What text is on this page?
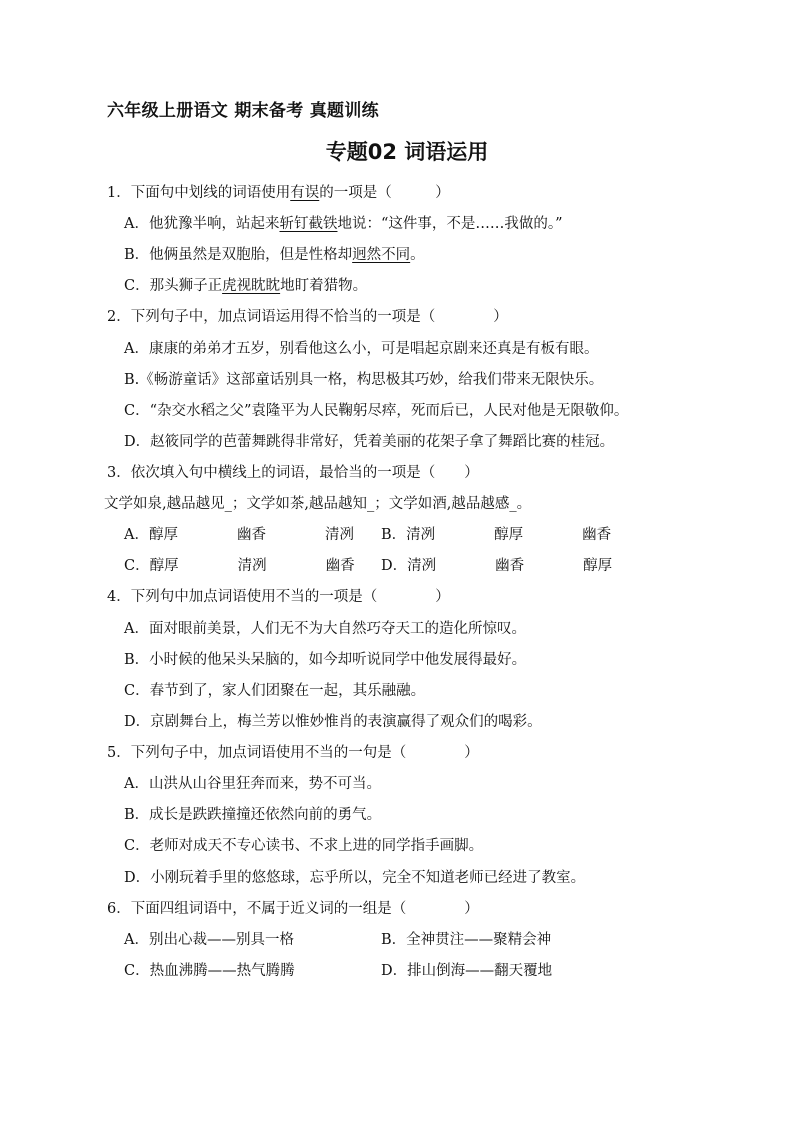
六年级上册语文 期末备考 真题训练
专题02 词语运用
1．下面句中划线的词语使用有误的一项是（　　　）
A．他犹豫半响，站起来斩钉截铁地说：“这件事，不是……我做的。”
B．他俩虽然是双胞胎，但是性格却迥然不同。
C．那头狮子正虎视眈眈地盯着猎物。
2．下列句子中，加点词语运用得不恰当的一项是（　　　　）
A．康康的弟弟才五岁，别看他这么小，可是唱起京剧来还真是有板有眼。
B.《畅游童话》这部童话别具一格，构思极其巧妙，给我们带来无限快乐。
C．“杂交水稻之父”袁隆平为人民鞠躬尽瘁，死而后已，人民对他是无限敬仰。
D．赵筱同学的芭蕾舞跳得非常好，凭着美丽的花架子拿了舞蹈比赛的桂冠。
3．依次填入句中横线上的词语，最恰当的一项是（　　）
文学如泉,越品越见_；文学如茶,越品越知_；文学如酒,越品越感_。
A．醇厚	幽香	清冽 B．清冽	醇厚	幽香
C．醇厚	清冽	幽香 D．清冽	幽香	醇厚
4．下列句中加点词语使用不当的一项是（　　　　）
A．面对眼前美景，人们无不为大自然巧夺天工的造化所惊叹。
B．小时候的他呆头呆脑的，如今却听说同学中他发展得最好。
C．春节到了，家人们团聚在一起，其乐融融。
D．京剧舞台上，梅兰芳以惟妙惟肖的表演赢得了观众们的喝彩。
5．下列句子中，加点词语使用不当的一句是（　　　　）
A．山洪从山谷里狂奔而来，势不可当。
B．成长是跌跌撞撞还依然向前的勇气。
C．老师对成天不专心读书、不求上进的同学指手画脚。
D．小刚玩着手里的悠悠球，忘乎所以，完全不知道老师已经进了教室。
6．下面四组词语中，不属于近义词的一组是（　　　　）
A．别出心裁——别具一格	B．全神贯注——聚精会神
C．热血沸腾——热气腾腾	D．排山倒海——翻天覆地
